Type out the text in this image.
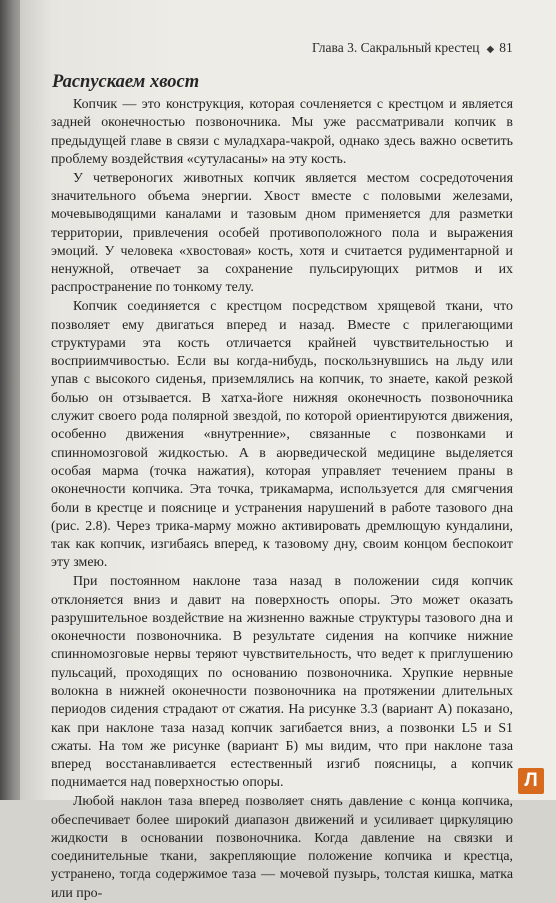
Глава 3. Сакральный крестец ◆ 81
Распускаем хвост

Копчик — это конструкция, которая сочленяется с крестцом и является задней оконечностью позвоночника. Мы уже рассматривали копчик в предыдущей главе в связи с муладхара-чакрой, однако здесь важно осветить проблему воздействия «сутуласаны» на эту кость.

У четвероногих животных копчик является местом сосредоточения значительного объема энергии. Хвост вместе с половыми железами, мочевыводящими каналами и тазовым дном применяется для разметки территории, привлечения особей противоположного пола и выражения эмоций. У человека «хвостовая» кость, хотя и считается рудиментарной и ненужной, отвечает за сохранение пульсирующих ритмов и их распространение по тонкому телу.

Копчик соединяется с крестцом посредством хрящевой ткани, что позволяет ему двигаться вперед и назад. Вместе с прилегающими структурами эта кость отличается крайней чувствительностью и восприимчивостью. Если вы когда-нибудь, поскользнувшись на льду или упав с высокого сиденья, приземлялись на копчик, то знаете, какой резкой болью он отзывается. В хатха-йоге нижняя оконечность позвоночника служит своего рода полярной звездой, по которой ориентируются движения, особенно движения «внутренние», связанные с позвонками и спинномозговой жидкостью. А в аюрведической медицине выделяется особая марма (точка нажатия), которая управляет течением праны в оконечности копчика. Эта точка, трикамарма, используется для смягчения боли в крестце и пояснице и устранения нарушений в работе тазового дна (рис. 2.8). Через трика-марму можно активировать дремлющую кундалини, так как копчик, изгибаясь вперед, к тазовому дну, своим концом беспокоит эту змею.

При постоянном наклоне таза назад в положении сидя копчик отклоняется вниз и давит на поверхность опоры. Это может оказать разрушительное воздействие на жизненно важные структуры тазового дна и оконечности позвоночника. В результате сидения на копчике нижние спинномозговые нервы теряют чувствительность, что ведет к приглушению пульсаций, проходящих по основанию позвоночника. Хрупкие нервные волокна в нижней оконечности позвоночника на протяжении длительных периодов сидения страдают от сжатия. На рисунке 3.3 (вариант А) показано, как при наклоне таза назад копчик загибается вниз, а позвонки L5 и S1 сжаты. На том же рисунке (вариант Б) мы видим, что при наклоне таза вперед восстанавливается естественный изгиб поясницы, а копчик поднимается над поверхностью опоры.

Любой наклон таза вперед позволяет снять давление с конца копчика, обеспечивает более широкий диапазон движений и усиливает циркуляцию жидкости в основании позвоночника. Когда давление на связки и соединительные ткани, закрепляющие положение копчика и крестца, устранено, тогда содержимое таза — мочевой пузырь, толстая кишка, матка или про-

Л
